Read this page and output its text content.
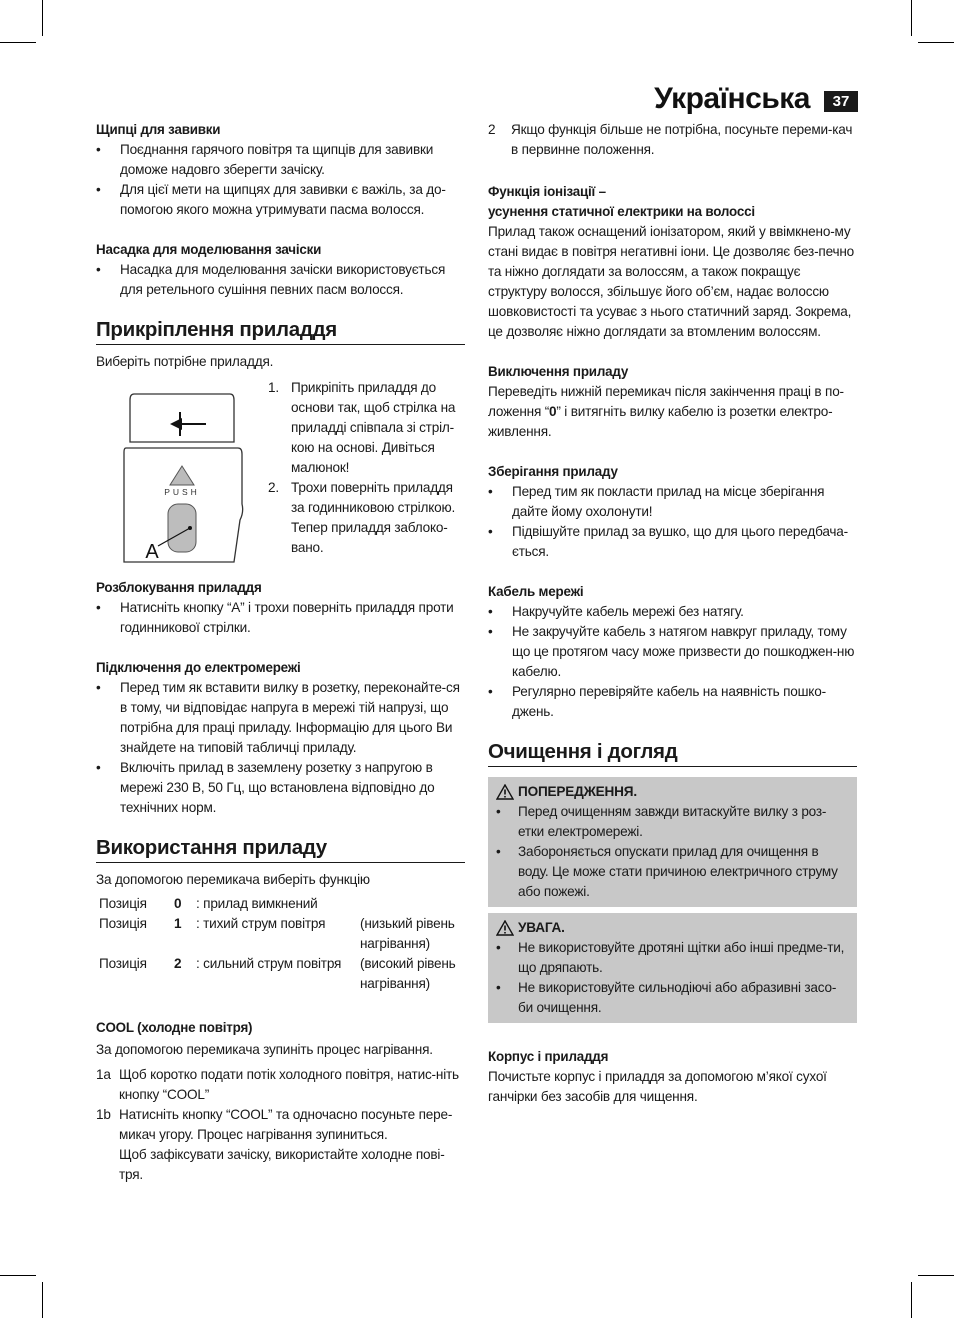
Українська	37

Щипці для завивки

• Поєднання гарячого повітря та щипців для завивки доможе надовго зберегти зачіску.
• Для цієї мети на щипцях для завивки є важіль, за до-помогою якого можна утримувати пасма волосся.

Насадка для моделювання зачіски

• Насадка для моделювання зачіски використовується для ретельного сушіння певних пасм волосся.
Прикріплення приладдя

Виберіть потрібне приладдя.

1. Прикріпіть приладдя до основи так, щоб стрілка на приладді співпала зі стріл-кою на основі. Дивіться малюнок!
2. Трохи поверніть приладдя за годинниковою стрілкою. Тепер приладдя заблоко-вано.

Розблокування приладдя

• Натисніть кнопку “A” і трохи поверніть приладдя проти годинникової стрілки.

Підключення до електромережі

• Перед тим як вставити вилку в розетку, переконайте-ся в тому, чи відповідає напруга в мережі тій напрузі, що потрібна для праці приладу. Інформацію для цього Ви знайдете на типовій табличці приладу.
• Включіть прилад в заземлену розетку з напругою в мережі 230 В, 50 Гц, що встановлена відповідно до технічних норм.
Використання приладу

За допомогою перемикача виберіть функцію

Позиція	0	: прилад вимкнений	
Позиція	1	: тихий струм повітря	(низький рівень нагрівання)
Позиція	2	: сильний струм повітря	(високий рівень нагрівання)

COOL (холодне повітря)

За допомогою перемикача зупиніть процес нагрівання.

1a Щоб коротко подати потік холодного повітря, натис-ніть кнопку “COOL”
1b Натисніть кнопку “COOL” та одночасно посуньте пере-микач угору. Процес нагрівання зупиниться.
Щоб зафіксувати зачіску, використайте холодне пові-тря.
PUSH
A
2 Якщо функція більше не потрібна, посуньте переми-кач в первинне положення.

Функція іонізації –

усунення статичної електрики на волоссі

Прилад також оснащений іонізатором, який у ввімкнено-му стані видає в повітря негативні іони. Це дозволяє без-печно та ніжно доглядати за волоссям, а також покращує структуру волосся, збільшує його об’єм, надає волоссю шовковистості та усуває з нього статичний заряд. Зокрема, це дозволяє ніжно доглядати за втомленим волоссям.

Виключення приладу

Переведіть нижній перемикач після закінчення праці в по-ложення “0” і витягніть вилку кабелю із розетки електро-живлення.

Зберігання приладу

• Перед тим як покласти прилад на місце зберігання дайте йому охолонути!
• Підвішуйте прилад за вушко, що для цього передбача-ється.

Кабель мережі

• Накручуйте кабель мережі без натягу.
• Не закручуйте кабель з натягом навкруг приладу, тому що це протягом часу може призвести до пошкоджен-ню кабелю.
• Регулярно перевіряйте кабель на наявність пошко-джень.
Очищення і догляд
ПОПЕРЕДЖЕННЯ.
• Перед очищенням завжди витаскуйте вилку з роз-етки електромережі.
• Забороняється опускати прилад для очищення в воду. Це може стати причиною електричного струму або пожежі.
УВАГА.
• Не використовуйте дротяні щітки або інші предме-ти, що дряпають.
• Не використовуйте сильнодіючі або абразивні засо-би очищення.

Корпус і приладдя

Почистьте корпус і приладдя за допомогою м’якої сухої ганчірки без засобів для чищення.
